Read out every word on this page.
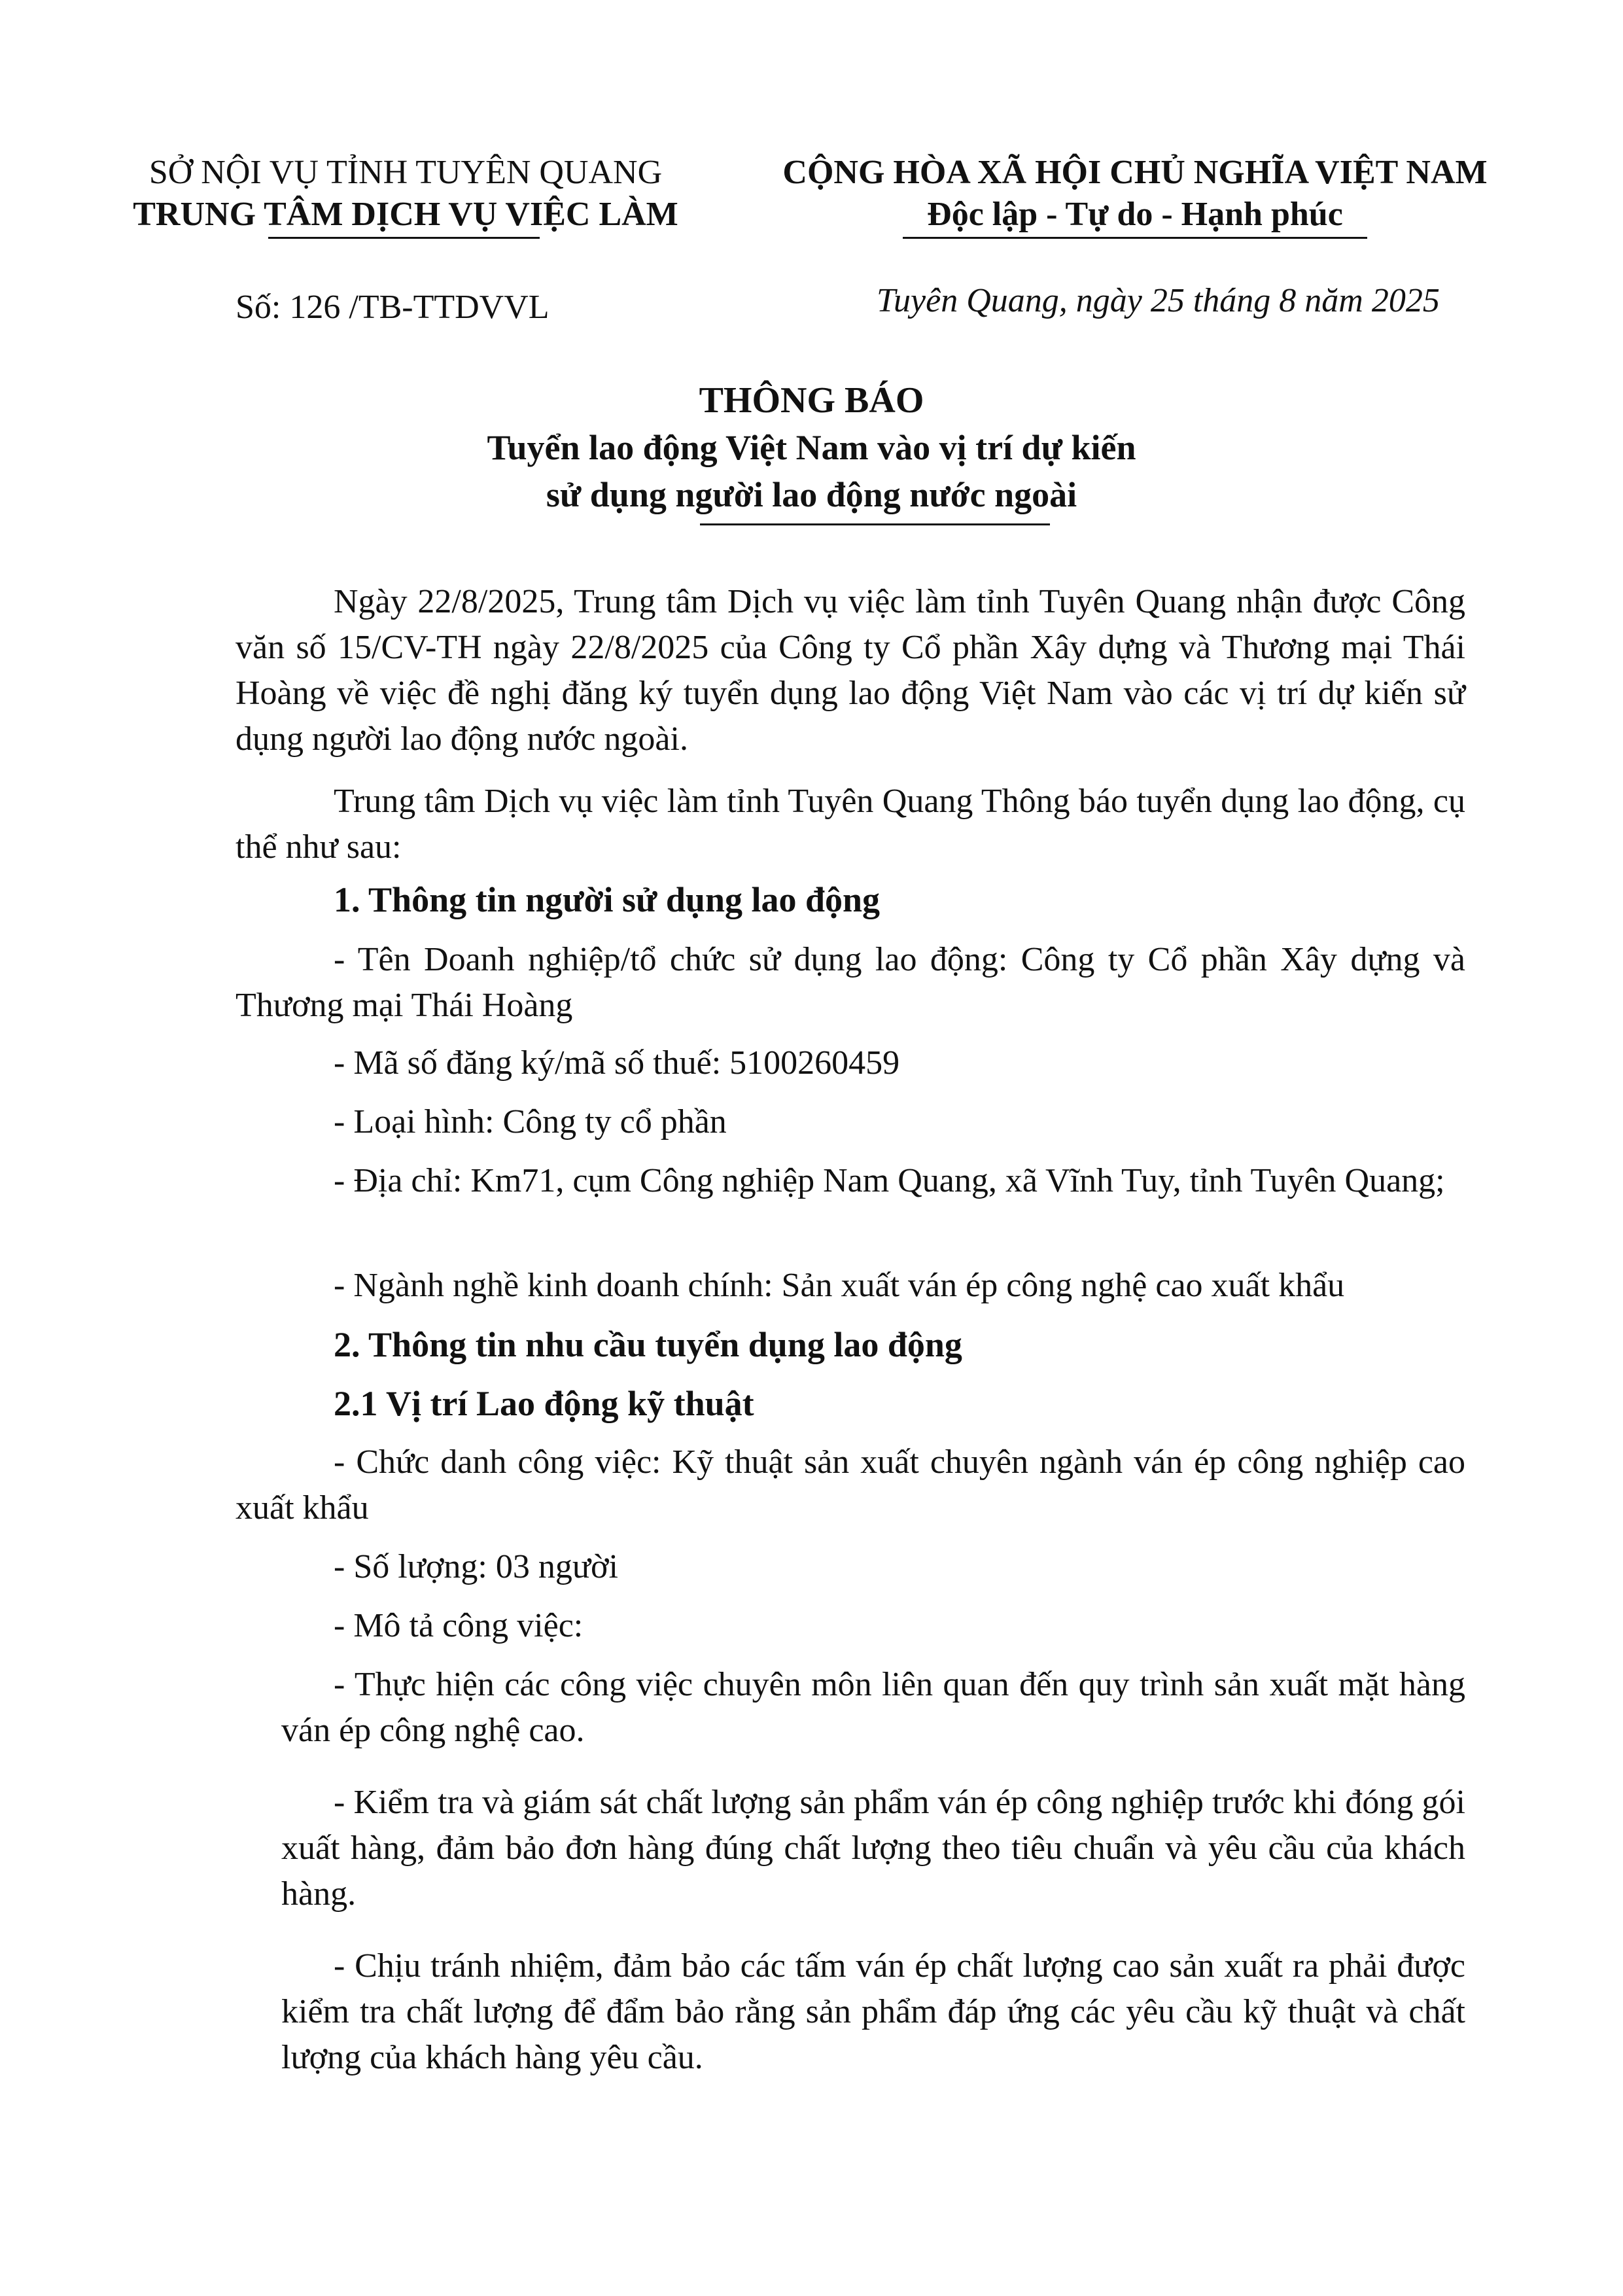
SỞ NỘI VỤ TỈNH TUYÊN QUANG
TRUNG TÂM DỊCH VỤ VIỆC LÀM
CỘNG HÒA XÃ HỘI CHỦ NGHĨA VIỆT NAM
Độc lập - Tự do - Hạnh phúc
Số: 126 /TB-TTDVVL	Tuyên Quang, ngày 25 tháng 8 năm 2025
THÔNG BÁO
Tuyển lao động Việt Nam vào vị trí dự kiến
sử dụng người lao động nước ngoài
Ngày 22/8/2025, Trung tâm Dịch vụ việc làm tỉnh Tuyên Quang nhận được Công văn số 15/CV-TH ngày 22/8/2025 của Công ty Cổ phần Xây dựng và Thương mại Thái Hoàng về việc đề nghị đăng ký tuyển dụng lao động Việt Nam vào các vị trí dự kiến sử dụng người lao động nước ngoài.
Trung tâm Dịch vụ việc làm tỉnh Tuyên Quang Thông báo tuyển dụng lao động, cụ thể như sau:
1. Thông tin người sử dụng lao động
- Tên Doanh nghiệp/tổ chức sử dụng lao động: Công ty Cổ phần Xây dựng và Thương mại Thái Hoàng
- Mã số đăng ký/mã số thuế: 5100260459
- Loại hình: Công ty cổ phần
- Địa chỉ: Km71, cụm Công nghiệp Nam Quang, xã Vĩnh Tuy, tỉnh Tuyên Quang;
- Ngành nghề kinh doanh chính: Sản xuất ván ép công nghệ cao xuất khẩu
2. Thông tin nhu cầu tuyển dụng lao động
2.1 Vị trí Lao động kỹ thuật
- Chức danh công việc: Kỹ thuật sản xuất chuyên ngành ván ép công nghiệp cao xuất khẩu
- Số lượng: 03 người
- Mô tả công việc:
- Thực hiện các công việc chuyên môn liên quan đến quy trình sản xuất mặt hàng ván ép công nghệ cao.
- Kiểm tra và giám sát chất lượng sản phẩm ván ép công nghiệp trước khi đóng gói xuất hàng, đảm bảo đơn hàng đúng chất lượng theo tiêu chuẩn và yêu cầu của khách hàng.
- Chịu tránh nhiệm, đảm bảo các tấm ván ép chất lượng cao sản xuất ra phải được kiểm tra chất lượng để đẩm bảo rằng sản phẩm đáp ứng các yêu cầu kỹ thuật và chất lượng của khách hàng yêu cầu.
